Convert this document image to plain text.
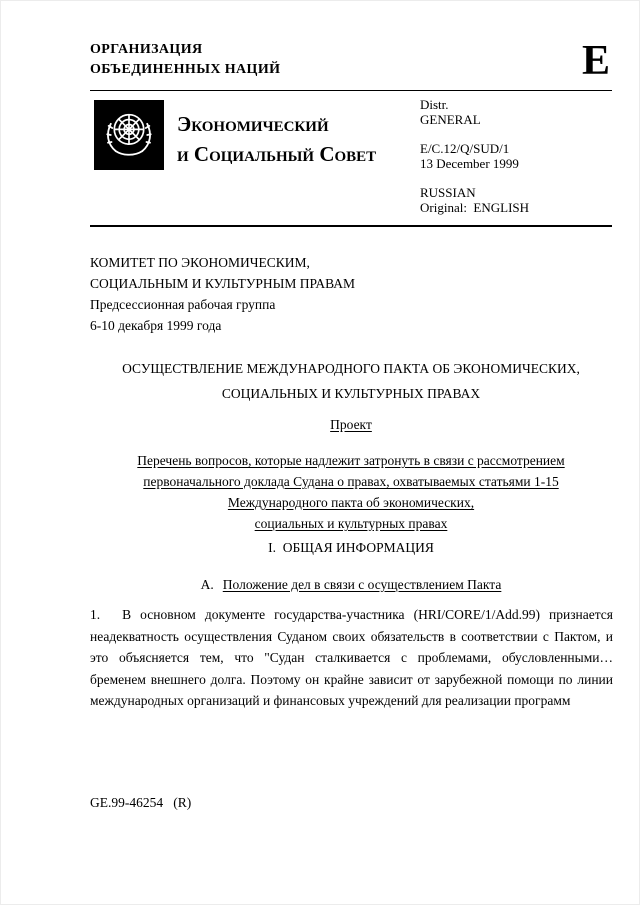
ОРГАНИЗАЦИЯ
ОБЪЕДИНЕННЫХ НАЦИЙ	E
Экономический
и Социальный Совет
Distr.
GENERAL
E/C.12/Q/SUD/1
13 December 1999
RUSSIAN
Original:  ENGLISH
КОМИТЕТ ПО ЭКОНОМИЧЕСКИМ,
СОЦИАЛЬНЫМ И КУЛЬТУРНЫМ ПРАВАМ
Предсессионная рабочая группа
6-10 декабря 1999 года
ОСУЩЕСТВЛЕНИЕ МЕЖДУНАРОДНОГО ПАКТА ОБ ЭКОНОМИЧЕСКИХ,
СОЦИАЛЬНЫХ И КУЛЬТУРНЫХ ПРАВАХ
Проект
Перечень вопросов, которые надлежит затронуть в связи с рассмотрением
первоначального доклада Судана о правах, охватываемых статьями 1-15
Международного пакта об экономических,
социальных и культурных правах
I.  ОБЩАЯ ИНФОРМАЦИЯ
A. Положение дел в связи с осуществлением Пакта

1. В основном документе государства-участника (HRI/CORE/1/Add.99) признается неадекватность осуществления Суданом своих обязательств в соответствии с Пактом, и это объясняется тем, что "Судан сталкивается с проблемами, обусловленными… бременем внешнего долга. Поэтому он крайне зависит от зарубежной помощи по линии международных организаций и финансовых учреждений для реализации программ

GE.99-46254   (R)
